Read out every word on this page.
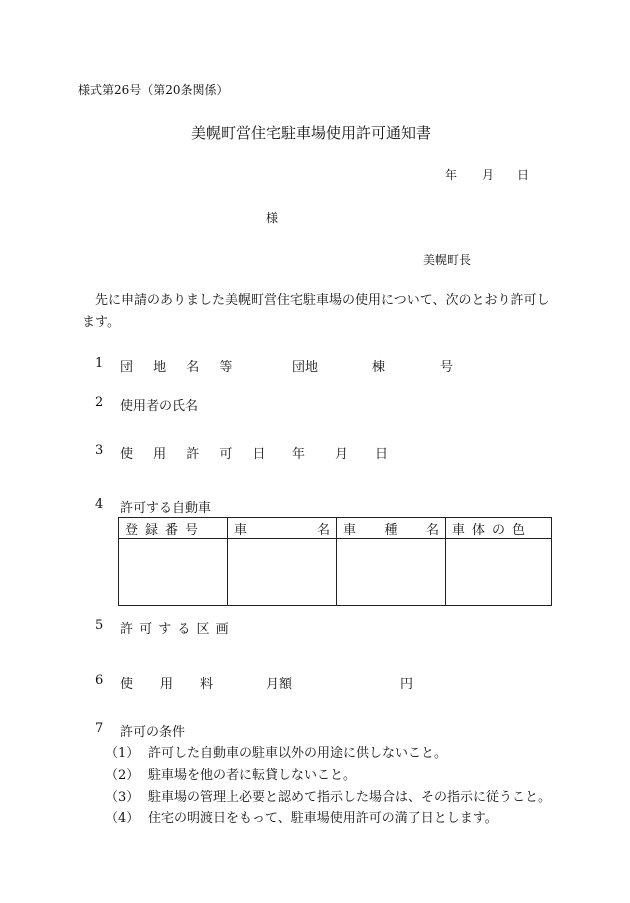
様式第26号（第20条関係）
美幌町営住宅駐車場使用許可通知書
年 月 日
様
美幌町長
先に申請のありました美幌町営住宅駐車場の使用について、次のとおり許可します。
1 団 地 名 等	団地	棟	号
2 使用者の氏名
3 使 用 許 可 日 年 月 日
4 許可する自動車
登録番号	車 名	車 種 名	車体の色

5 許 可 す る 区 画
6 使 用 料	月額	円
7 許可の条件
（1） 許可した自動車の駐車以外の用途に供しないこと。
（2） 駐車場を他の者に転貸しないこと。
（3） 駐車場の管理上必要と認めて指示した場合は、その指示に従うこと。
（4） 住宅の明渡日をもって、駐車場使用許可の満了日とします。
